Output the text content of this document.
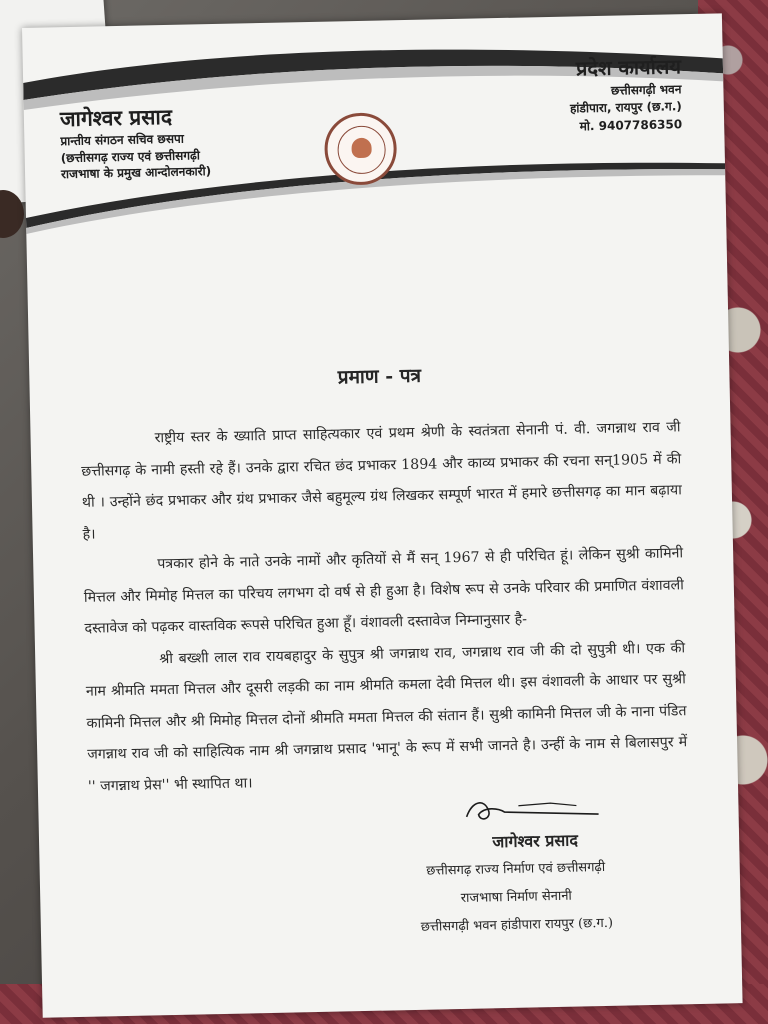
जागेश्वर प्रसाद
प्रान्तीय संगठन सचिव छसपा
(छत्तीसगढ़ राज्य एवं छत्तीसगढ़ी
राजभाषा के प्रमुख आन्दोलनकारी)
प्रदेश कार्यालय
छत्तीसगढ़ी भवन
हांडीपारा, रायपुर (छ.ग.)
मो. 9407786350
प्रमाण - पत्र

राष्ट्रीय स्तर के ख्याति प्राप्त साहित्यकार एवं प्रथम श्रेणी के स्वतंत्रता सेनानी पं. वी. जगन्नाथ राव जी छत्तीसगढ़ के नामी हस्ती रहे हैं। उनके द्वारा रचित छंद प्रभाकर 1894 और काव्य प्रभाकर की रचना सन्1905 में की थी । उन्होंने छंद प्रभाकर और ग्रंथ प्रभाकर जैसे बहुमूल्य ग्रंथ लिखकर सम्पूर्ण भारत में हमारे छत्तीसगढ़ का मान बढ़ाया है।

पत्रकार होने के नाते उनके नामों और कृतियों से मैं सन् 1967 से ही परिचित हूं। लेकिन सुश्री कामिनी मित्तल और मिमोह मित्तल का परिचय लगभग दो वर्ष से ही हुआ है। विशेष रूप से उनके परिवार की प्रमाणित वंशावली दस्तावेज को पढ़कर वास्तविक रूपसे परिचित हुआ हूँ। वंशावली दस्तावेज निम्नानुसार है-

श्री बख्शी लाल राव रायबहादुर के सुपुत्र श्री जगन्नाथ राव, जगन्नाथ राव जी की दो सुपुत्री थी। एक की नाम श्रीमति ममता मित्तल और दूसरी लड़की का नाम श्रीमति कमला देवी मित्तल थी। इस वंशावली के आधार पर सुश्री कामिनी मित्तल और श्री मिमोह मित्तल दोनों श्रीमति ममता मित्तल की संतान हैं। सुश्री कामिनी मित्तल जी के नाना पंडित जगन्नाथ राव जी को साहित्यिक नाम श्री जगन्नाथ प्रसाद 'भानू' के रूप में सभी जानते है। उन्हीं के नाम से बिलासपुर में '' जगन्नाथ प्रेस'' भी स्थापित था।

जागेश्वर प्रसाद
छत्तीसगढ़ राज्य निर्माण एवं छत्तीसगढ़ी
राजभाषा निर्माण सेनानी
छत्तीसगढ़ी भवन हांडीपारा रायपुर (छ.ग.)
